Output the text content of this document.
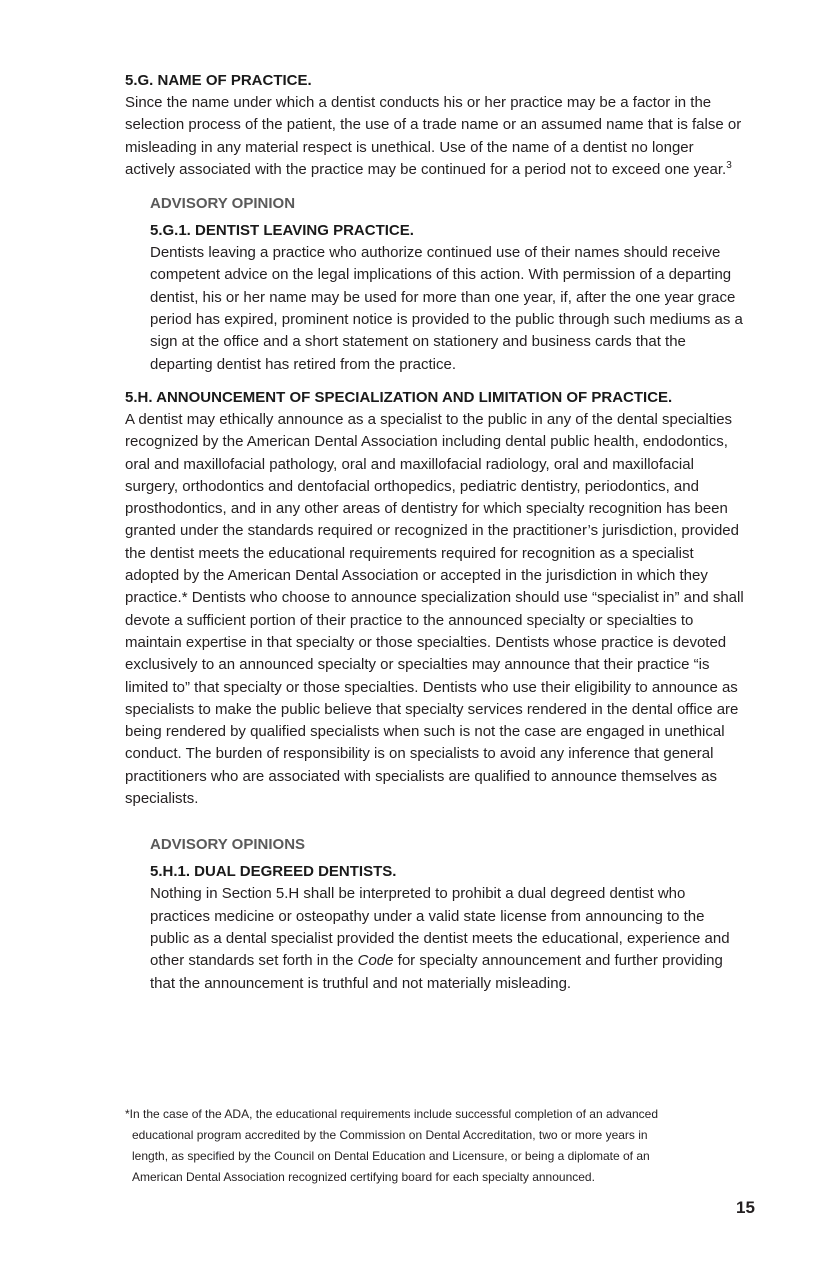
5.G. NAME OF PRACTICE.

Since the name under which a dentist conducts his or her practice may be a factor in the selection process of the patient, the use of a trade name or an assumed name that is false or misleading in any material respect is unethical. Use of the name of a dentist no longer actively associated with the practice may be continued for a period not to exceed one year.$^3$

ADVISORY OPINION

5.G.1. DENTIST LEAVING PRACTICE.

Dentists leaving a practice who authorize continued use of their names should receive competent advice on the legal implications of this action. With permission of a departing dentist, his or her name may be used for more than one year, if, after the one year grace period has expired, prominent notice is provided to the public through such mediums as a sign at the office and a short statement on stationery and business cards that the departing dentist has retired from the practice.

5.H. ANNOUNCEMENT OF SPECIALIZATION AND LIMITATION OF PRACTICE.

A dentist may ethically announce as a specialist to the public in any of the dental specialties recognized by the American Dental Association including dental public health, endodontics, oral and maxillofacial pathology, oral and maxillofacial radiology, oral and maxillofacial surgery, orthodontics and dentofacial orthopedics, pediatric dentistry, periodontics, and prosthodontics, and in any other areas of dentistry for which specialty recognition has been granted under the standards required or recognized in the practitioner’s jurisdiction, provided the dentist meets the educational requirements required for recognition as a specialist adopted by the American Dental Association or accepted in the jurisdiction in which they practice.* Dentists who choose to announce specialization should use “specialist in” and shall devote a sufficient portion of their practice to the announced specialty or specialties to maintain expertise in that specialty or those specialties. Dentists whose practice is devoted exclusively to an announced specialty or specialties may announce that their practice “is limited to” that specialty or those specialties. Dentists who use their eligibility to announce as specialists to make the public believe that specialty services rendered in the dental office are being rendered by qualified specialists when such is not the case are engaged in unethical conduct. The burden of responsibility is on specialists to avoid any inference that general practitioners who are associated with specialists are qualified to announce themselves as specialists.

ADVISORY OPINIONS

5.H.1. DUAL DEGREED DENTISTS.

Nothing in Section 5.H shall be interpreted to prohibit a dual degreed dentist who practices medicine or osteopathy under a valid state license from announcing to the public as a dental specialist provided the dentist meets the educational, experience and other standards set forth in the Code for specialty announcement and further providing that the announcement is truthful and not materially misleading.

*In the case of the ADA, the educational requirements include successful completion of an advanced
educational program accredited by the Commission on Dental Accreditation, two or more years in
length, as specified by the Council on Dental Education and Licensure, or being a diplomate of an
American Dental Association recognized certifying board for each specialty announced.
15
